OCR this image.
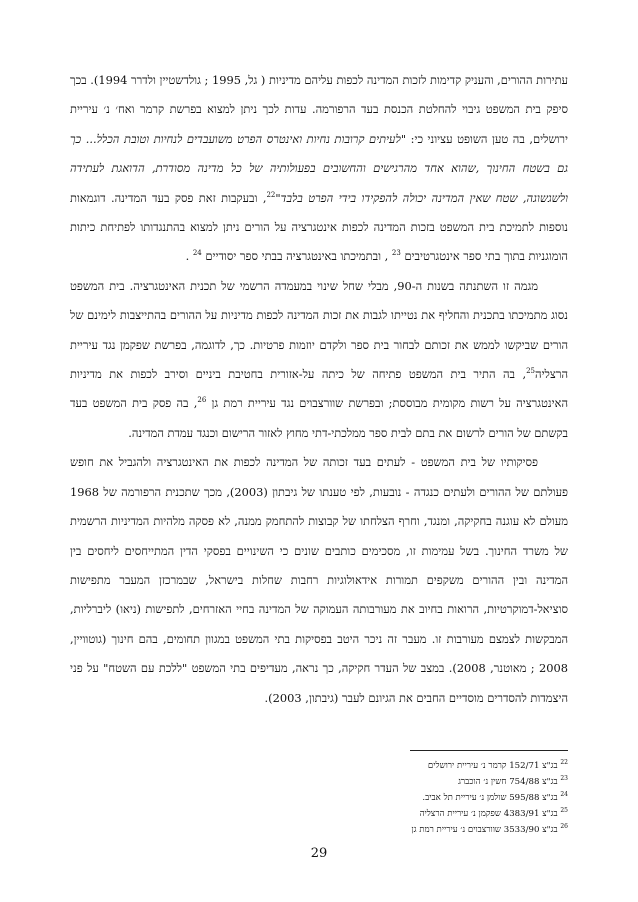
עתירות ההורים, והעניק קדימות לזכות המדינה לכפות עליהם מדיניות ( גל, 1995 ; גולדשטיין ולדרר 1994). בכך סיפק בית המשפט גיבוי להחלטת הכנסת בעד הרפורמה. עדות לכך ניתן למצוא בפרשת קרמר ואח׳ נ׳ עיריית ירושלים, בה טען השופט עציוני כי: "לעיתים קרובות נחיות ואינטרס הפרט משועבדים לנחיות וטובת הכלל... כך גם בשטח החינוך ,שהוא אחד מהרגישים והחשובים בפעולותיה של כל מדינה מסודרת, הדואגת לעתידה ולשגשוגה, שטח שאין המדינה יכולה להפקידו בידי הפרט בלבד"$^{22}$, ובעקבות זאת פסק בעד המדינה. דוגמאות נוספות לתמיכת בית המשפט בזכות המדינה לכפות אינטגרציה על הורים ניתן למצוא בהתנגדותו לפתיחת כיתות הומוגניות בתוך בתי ספר אינטגרטיבים $^{23}$ , ובתמיכתו באינטגרציה בבתי ספר יסודיים $^{24}$ .

מגמה זו השתנתה בשנות ה-90, מבלי שחל שינוי במעמדה הרשמי של תכנית האינטגרציה. בית המשפט נסוג מתמיכתו בתכנית והחליף את נטייתו לגבות את זכות המדינה לכפות מדיניות על ההורים בהתייצבות לימינם של הורים שביקשו לממש את זכותם לבחור בית ספר ולקדם יוזמות פרטיות. כך, לדוגמה, בפרשת שפקמן נגד עיריית הרצליה$^{25}$, בה התיר בית המשפט פתיחה של כיתה על-אזורית בחטיבת ביניים וסירב לכפות את מדיניות האינטגרציה על רשות מקומית מבוססת; ובפרשת שוורצבוים נגד עיריית רמת גן $^{26}$, בה פסק בית המשפט בעד בקשתם של הורים לרשום את בתם לבית ספר ממלכתי-דתי מחוץ לאזור הרישום וכנגד עמדת המדינה.

פסיקותיו של בית המשפט - לעתים בעד זכותה של המדינה לכפות את האינטגרציה ולהגביל את חופש פעולתם של ההורים ולעתים כנגדה - נובעות, לפי טענתו של גיבתון (2003), מכך שתכנית הרפורמה של 1968 מעולם לא עוגנה בחקיקה, ומנגד, וחרף הצלחתו של קבוצות להתחמק ממנה, לא פסקה מלהיות המדיניות הרשמית של משרד החינוך. בשל עמימות זו, מסכימים כותבים שונים כי השינויים בפסקי הדין המתייחסים ליחסים בין המדינה ובין ההורים משקפים תמורות אידאולוגיות רחבות שחלות בישראל, שבמרכזן המעבר מתפישות סוציאל-דמוקרטיות, הרואות בחיוב את מעורבותה העמוקה של המדינה בחיי האזרחים, לתפישות (ניאו) ליברליות, המבקשות לצמצם מעורבות זו. מעבר זה ניכר היטב בפסיקות בתי המשפט במגוון תחומים, בהם חינוך (גוטוויין, 2008 ; מאוטנר, 2008). במצב של העדר חקיקה, כך נראה, מעדיפים בתי המשפט "ללכת עם השטח" על פני היצמדות להסדרים מוסדיים החבים את הגיונם לעבר (גיבתון, 2003).

$^{22}$ בג"צ 152/71 קרמר נ׳ עיריית ירושלים
$^{23}$ בג"צ 754/88 חשין נ׳ הוכברג
$^{24}$ בג"צ 595/88 שולמן נ׳ עיריית תל אביב.
$^{25}$ בג"צ 4383/91 שפקמן נ׳ עיריית הרצליה
$^{26}$ בג"צ 3533/90 שוורצבוים נ׳ עיריית רמת גן
29
